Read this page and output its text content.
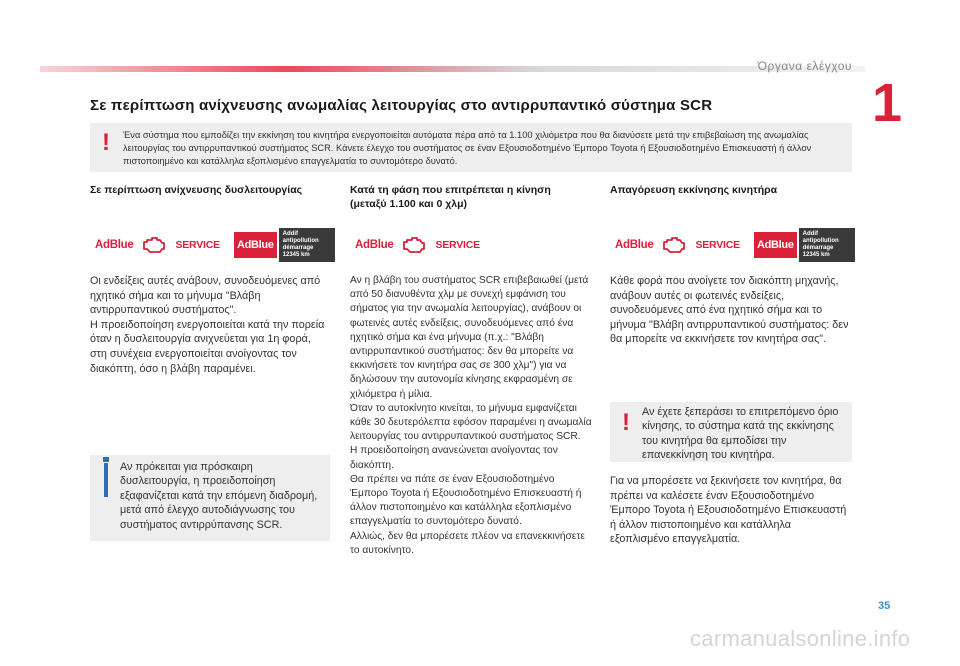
Όργανα ελέγχου
1
Σε περίπτωση ανίχνευσης ανωμαλίας λειτουργίας στο αντιρρυπαντικό σύστημα SCR
! Ένα σύστημα που εμποδίζει την εκκίνηση του κινητήρα ενεργοποιείται αυτόματα πέρα από τα 1.100 χιλιόμετρα που θα διανύσετε μετά την επιβεβαίωση της ανωμαλίας λειτουργίας του αντιρρυπαντικού συστήματος SCR. Κάνετε έλεγχο του συστήματος σε έναν Εξουσιοδοτημένο Έμπορο Toyota ή Εξουσιοδοτημένο Επισκευαστή ή άλλον πιστοποιημένο και κατάλληλα εξοπλισμένο επαγγελματία το συντομότερο δυνατό.
Σε περίπτωση ανίχνευσης δυσλειτουργίας
AdBlue	SERVICE AdBlue
Addif
antipollution
démarrage
12345 km

Οι ενδείξεις αυτές ανάβουν, συνοδευόμενες από ηχητικό σήμα και το μήνυμα "Βλάβη αντιρρυπαντικού συστήματος".

Η προειδοποίηση ενεργοποιείται κατά την πορεία όταν η δυσλειτουργία ανιχνεύεται για 1η φορά, στη συνέχεια ενεργοποιείται ανοίγοντας τον διακόπτη, όσο η βλάβη παραμένει.

Αν πρόκειται για πρόσκαιρη δυσλειτουργία, η προειδοποίηση εξαφανίζεται κατά την επόμενη διαδρομή, μετά από έλεγχο αυτοδιάγνωσης του συστήματος αντιρρύπανσης SCR.
Κατά τη φάση που επιτρέπεται η κίνηση
(μεταξύ 1.100 και 0 χλμ)
AdBlue	SERVICE

Αν η βλάβη του συστήματος SCR επιβεβαιωθεί (μετά από 50 διανυθέντα χλμ με συνεχή εμφάνιση του σήματος για την ανωμαλία λειτουργίας), ανάβουν οι φωτεινές αυτές ενδείξεις, συνοδευόμενες από ένα ηχητικό σήμα και ένα μήνυμα (π.χ.: "Βλάβη αντιρρυπαντικού συστήματος: δεν θα μπορείτε να εκκινήσετε τον κινητήρα σας σε 300 χλμ") για να δηλώσουν την αυτονομία κίνησης εκφρασμένη σε χιλιόμετρα ή μίλια.

Όταν το αυτοκίνητο κινείται, το μήνυμα εμφανίζεται κάθε 30 δευτερόλεπτα εφόσον παραμένει η ανωμαλία λειτουργίας του αντιρρυπαντικού συστήματος SCR.

Η προειδοποίηση ανανεώνεται ανοίγοντας τον διακόπτη.

Θα πρέπει να πάτε σε έναν Εξουσιοδοτημένο Έμπορο Toyota ή Εξουσιοδοτημένο Επισκευαστή ή άλλον πιστοποιημένο και κατάλληλα εξοπλισμένο επαγγελματία το συντομότερο δυνατό.

Αλλιώς, δεν θα μπορέσετε πλέον να επανεκκινήσετε το αυτοκίνητο.

Απαγόρευση εκκίνησης κινητήρα
AdBlue	SERVICE AdBlue
Addif
antipollution
démarrage
12345 km

Κάθε φορά που ανοίγετε τον διακόπτη μηχανής, ανάβουν αυτές οι φωτεινές ενδείξεις, συνοδευόμενες από ένα ηχητικό σήμα και το μήνυμα "Βλάβη αντιρρυπαντικού συστήματος: δεν θα μπορείτε να εκκινήσετε τον κινητήρα σας".

! Αν έχετε ξεπεράσει το επιτρεπόμενο όριο κίνησης, το σύστημα κατά της εκκίνησης του κινητήρα θα εμποδίσει την επανεκκίνηση του κινητήρα.

Για να μπορέσετε να ξεκινήσετε τον κινητήρα, θα πρέπει να καλέσετε έναν Εξουσιοδοτημένο Έμπορο Toyota ή Εξουσιοδοτημένο Επισκευαστή ή άλλον πιστοποιημένο και κατάλληλα εξοπλισμένο επαγγελματία.

35
carmanualsonline.info
